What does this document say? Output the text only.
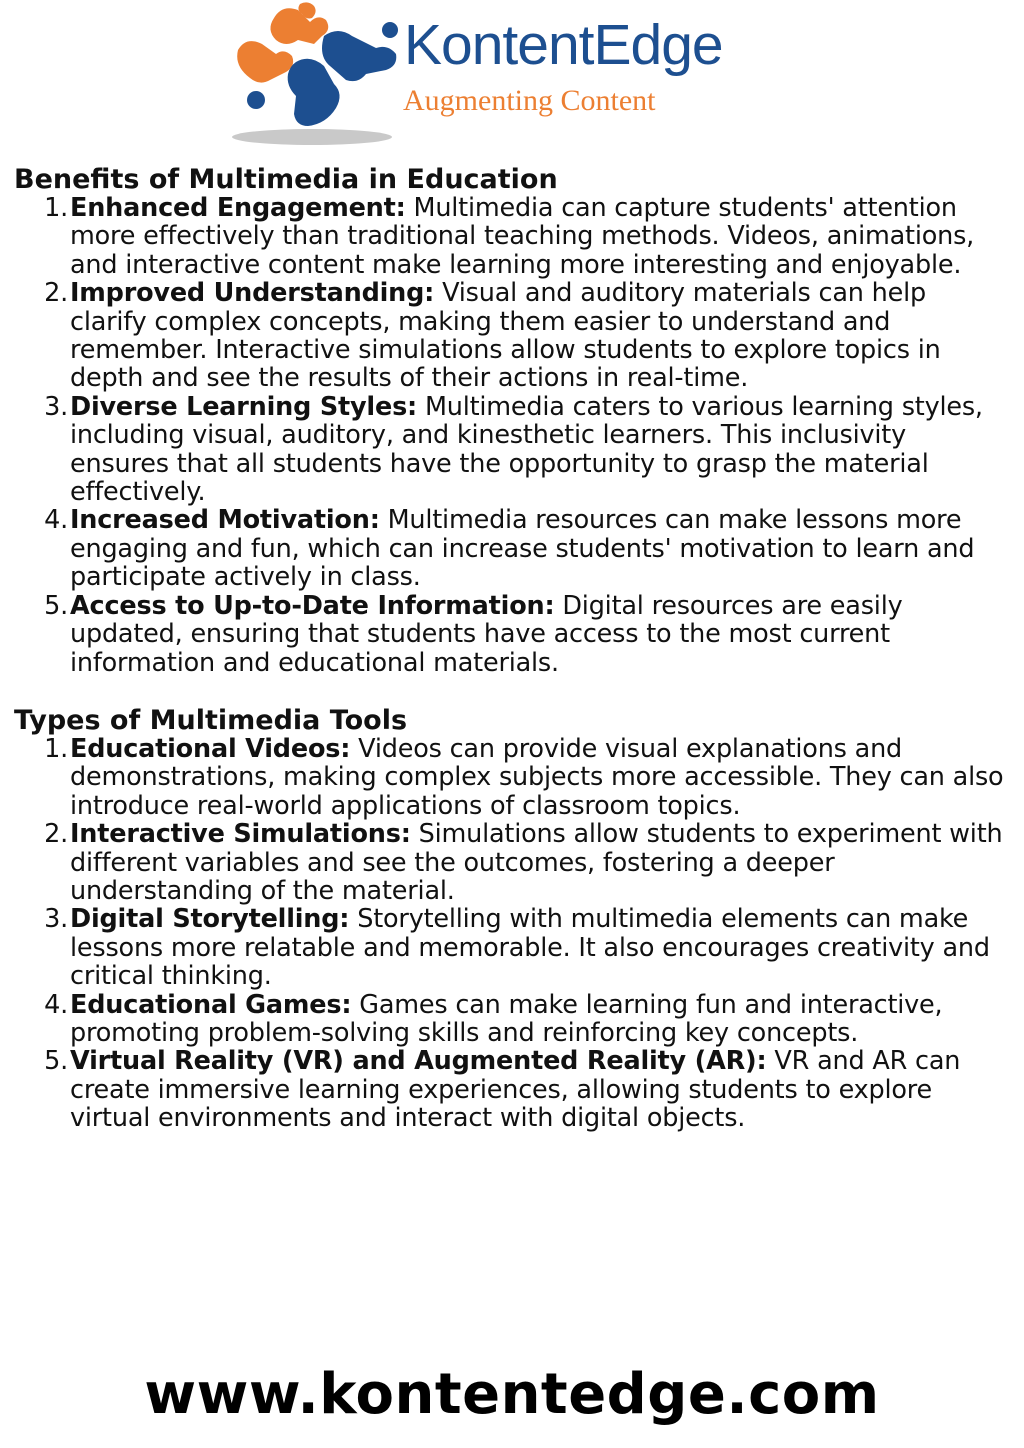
KontentEdge
Augmenting Content
Benefits of Multimedia in Education
1. Enhanced Engagement: Multimedia can capture students' attention more effectively than traditional teaching methods. Videos, animations, and interactive content make learning more interesting and enjoyable.
2. Improved Understanding: Visual and auditory materials can help clarify complex concepts, making them easier to understand and remember. Interactive simulations allow students to explore topics in depth and see the results of their actions in real-time.
3. Diverse Learning Styles: Multimedia caters to various learning styles, including visual, auditory, and kinesthetic learners. This inclusivity ensures that all students have the opportunity to grasp the material effectively.
4. Increased Motivation: Multimedia resources can make lessons more engaging and fun, which can increase students' motivation to learn and participate actively in class.
5. Access to Up-to-Date Information: Digital resources are easily updated, ensuring that students have access to the most current information and educational materials.
Types of Multimedia Tools
1. Educational Videos: Videos can provide visual explanations and demonstrations, making complex subjects more accessible. They can also introduce real-world applications of classroom topics.
2. Interactive Simulations: Simulations allow students to experiment with different variables and see the outcomes, fostering a deeper understanding of the material.
3. Digital Storytelling: Storytelling with multimedia elements can make lessons more relatable and memorable. It also encourages creativity and critical thinking.
4. Educational Games: Games can make learning fun and interactive, promoting problem-solving skills and reinforcing key concepts.
5. Virtual Reality (VR) and Augmented Reality (AR): VR and AR can create immersive learning experiences, allowing students to explore virtual environments and interact with digital objects.
www.kontentedge.com
